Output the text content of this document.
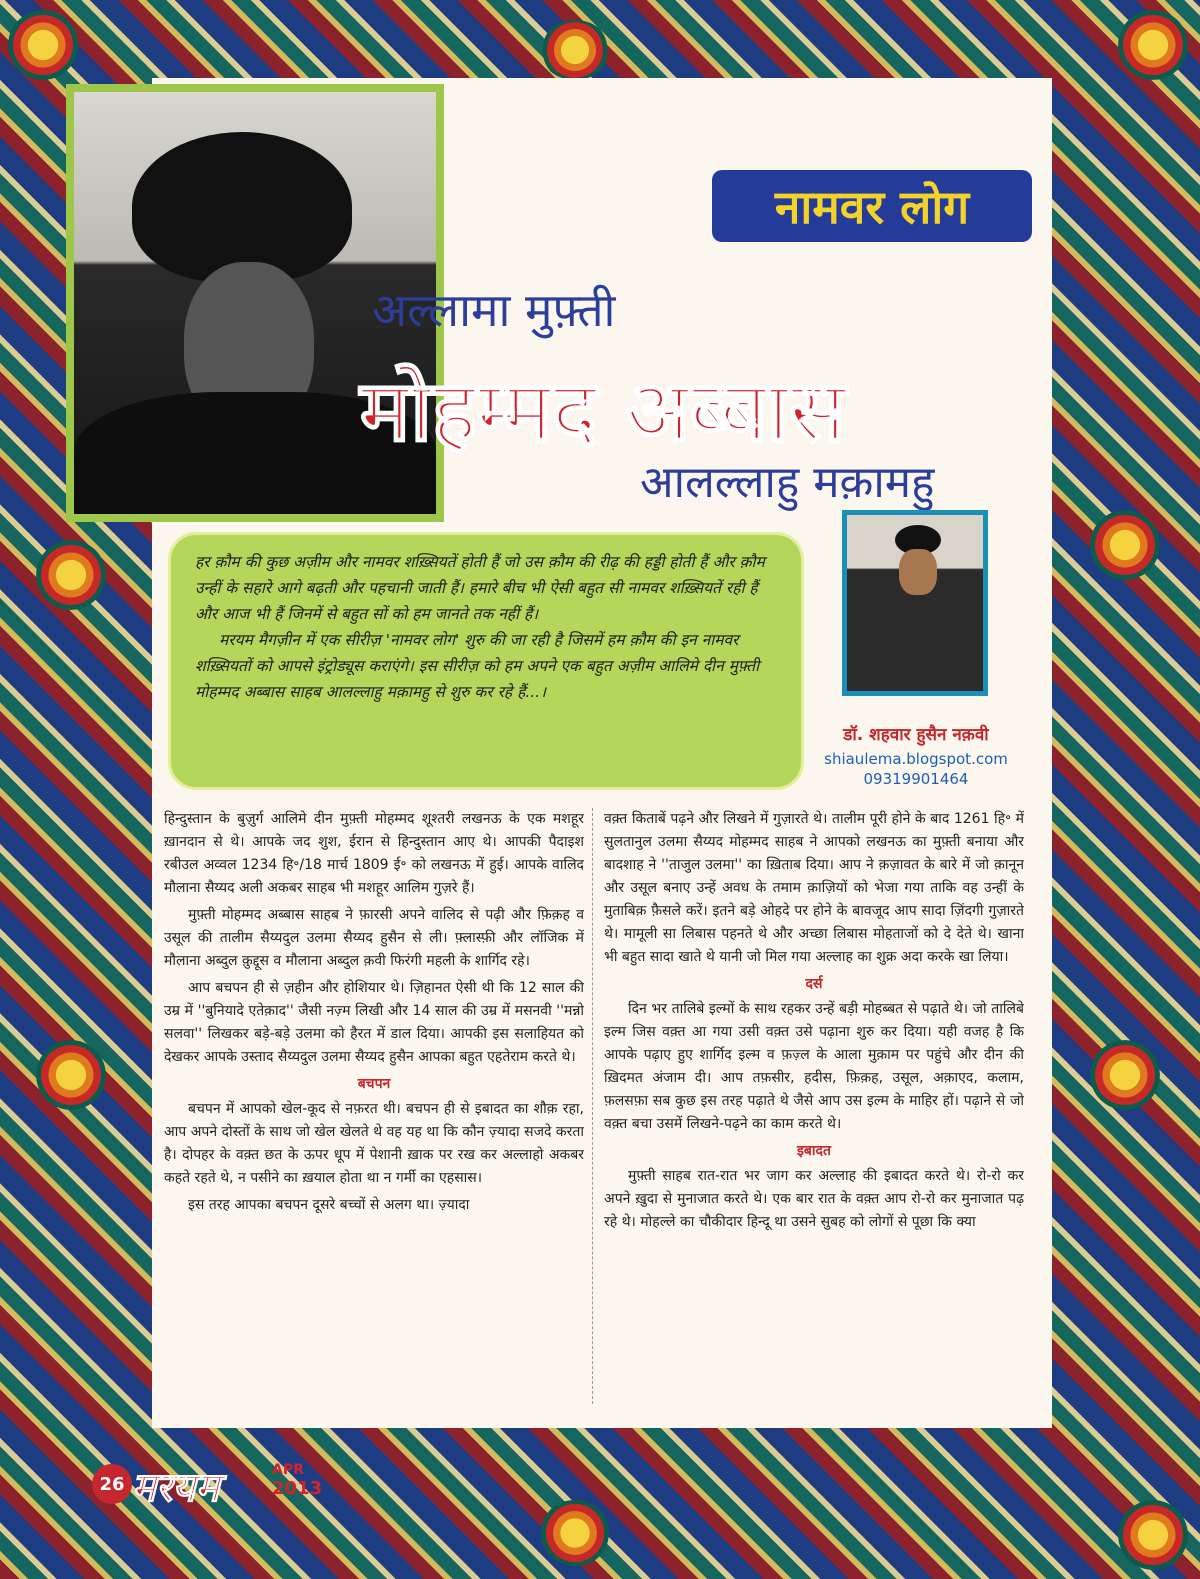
नामवर लोग
अल्लामा मुफ़्ती
मोहम्मद अब्बास
आलल्लाहु मक़ामहु

हर क़ौम की कुछ अज़ीम और नामवर शख़्सियतें होती हैं जो उस क़ौम की रीढ़ की हड्डी होती हैं और क़ौम उन्हीं के सहारे आगे बढ़ती और पहचानी जाती हैं। हमारे बीच भी ऐसी बहुत सी नामवर शख़्सियतें रही हैं और आज भी हैं जिनमें से बहुत सों को हम जानते तक नहीं हैं।

मरयम मैगज़ीन में एक सीरीज़ 'नामवर लोग' शुरु की जा रही है जिसमें हम क़ौम की इन नामवर शख़्सियतों को आपसे इंट्रोड्यूस कराएंगे। इस सीरीज़ को हम अपने एक बहुत अज़ीम आलिमे दीन मुफ़्ती मोहम्मद अब्बास साहब आलल्लाहु मक़ामहु से शुरु कर रहे हैं...।

डॉ. शहवार हुसैन नक़वी
shiaulema.blogspot.com
09319901464

हिन्दुस्तान के बुज़ुर्ग आलिमे दीन मुफ़्ती मोहम्मद शूश्तरी लखनऊ के एक मशहूर ख़ानदान से थे। आपके जद शुश, ईरान से हिन्दुस्तान आए थे। आपकी पैदाइश रबीउल अव्वल 1234 हि॰/18 मार्च 1809 ई॰ को लखनऊ में हुई। आपके वालिद मौलाना सैय्यद अली अकबर साहब भी मशहूर आलिम गुज़रे हैं।

मुफ़्ती मोहम्मद अब्बास साहब ने फ़ारसी अपने वालिद से पढ़ी और फ़िक़ह व उसूल की तालीम सैय्यदुल उलमा सैय्यद हुसैन से ली। फ़्लास्फ़ी और लॉजिक में मौलाना अब्दुल क़ुद्दूस व मौलाना अब्दुल क़वी फिरंगी महली के शार्गिद रहे।

आप बचपन ही से ज़हीन और होशियार थे। ज़िहानत ऐसी थी कि 12 साल की उम्र में ''बुनियादे एतेक़ाद'' जैसी नज़्म लिखी और 14 साल की उम्र में मसनवी ''मन्नो सलवा'' लिखकर बड़े-बड़े उलमा को हैरत में डाल दिया। आपकी इस सलाहियत को देखकर आपके उस्ताद सैय्यदुल उलमा सैय्यद हुसैन आपका बहुत एहतेराम करते थे।

बचपन

बचपन में आपको खेल-कूद से नफ़रत थी। बचपन ही से इबादत का शौक़ रहा, आप अपने दोस्तों के साथ जो खेल खेलते थे वह यह था कि कौन ज़्यादा सजदे करता है। दोपहर के वक़्त छत के ऊपर धूप में पेशानी ख़ाक पर रख कर अल्लाहो अकबर कहते रहते थे, न पसीने का ख़याल होता था न गर्मी का एहसास।

इस तरह आपका बचपन दूसरे बच्चों से अलग था। ज़्यादा

वक़्त किताबें पढ़ने और लिखने में गुज़ारते थे। तालीम पूरी होने के बाद 1261 हि॰ में सुलतानुल उलमा सैय्यद मोहम्मद साहब ने आपको लखनऊ का मुफ़्ती बनाया और बादशाह ने ''ताजुल उलमा'' का ख़िताब दिया। आप ने क़ज़ावत के बारे में जो क़ानून और उसूल बनाए उन्हें अवध के तमाम क़ाज़ियों को भेजा गया ताकि वह उन्हीं के मुताबिक़ फ़ैसले करें। इतने बड़े ओहदे पर होने के बावजूद आप सादा ज़िंदगी गुज़ारते थे। मामूली सा लिबास पहनते थे और अच्छा लिबास मोहताजों को दे देते थे। खाना भी बहुत सादा खाते थे यानी जो मिल गया अल्लाह का शुक्र अदा करके खा लिया।

दर्स

दिन भर तालिबे इल्मों के साथ रहकर उन्हें बड़ी मोहब्बत से पढ़ाते थे। जो तालिबे इल्म जिस वक़्त आ गया उसी वक़्त उसे पढ़ाना शुरु कर दिया। यही वजह है कि आपके पढ़ाए हुए शार्गिद इल्म व फ़ज़्ल के आला मुक़ाम पर पहुंचे और दीन की ख़िदमत अंजाम दी। आप तफ़सीर, हदीस, फ़िक़ह, उसूल, अक़ाएद, कलाम, फ़लसफ़ा सब कुछ इस तरह पढ़ाते थे जैसे आप उस इल्म के माहिर हों। पढ़ाने से जो वक़्त बचा उसमें लिखने-पढ़ने का काम करते थे।

इबादत

मुफ़्ती साहब रात-रात भर जाग कर अल्लाह की इबादत करते थे। रो-रो कर अपने ख़ुदा से मुनाजात करते थे। एक बार रात के वक़्त आप रो-रो कर मुनाजात पढ़ रहे थे। मोहल्ले का चौकीदार हिन्दू था उसने सुबह को लोगों से पूछा कि क्या

26 मरयम	APR
2013
